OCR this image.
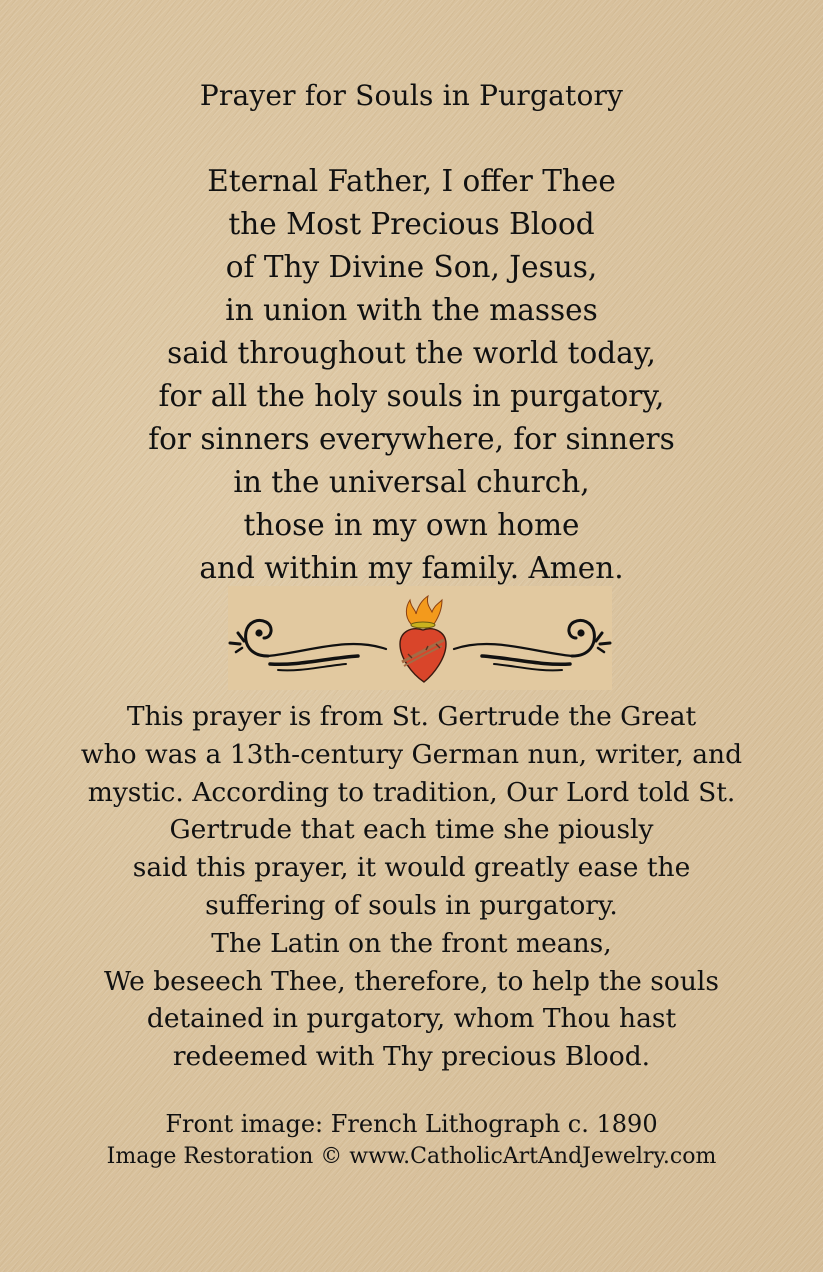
Prayer for Souls in Purgatory
Eternal Father, I offer Thee
the Most Precious Blood
of Thy Divine Son, Jesus,
in union with the masses
said throughout the world today,
for all the holy souls in purgatory,
for sinners everywhere, for sinners
in the universal church,
those in my own home
and within my family. Amen.
This prayer is from St. Gertrude the Great
who was a 13th-century German nun, writer, and
mystic. According to tradition, Our Lord told St.
Gertrude that each time she piously
said this prayer, it would greatly ease the
suffering of souls in purgatory.
The Latin on the front means,
We beseech Thee, therefore, to help the souls
detained in purgatory, whom Thou hast
redeemed with Thy precious Blood.
Front image: French Lithograph c. 1890
Image Restoration © www.CatholicArtAndJewelry.com
